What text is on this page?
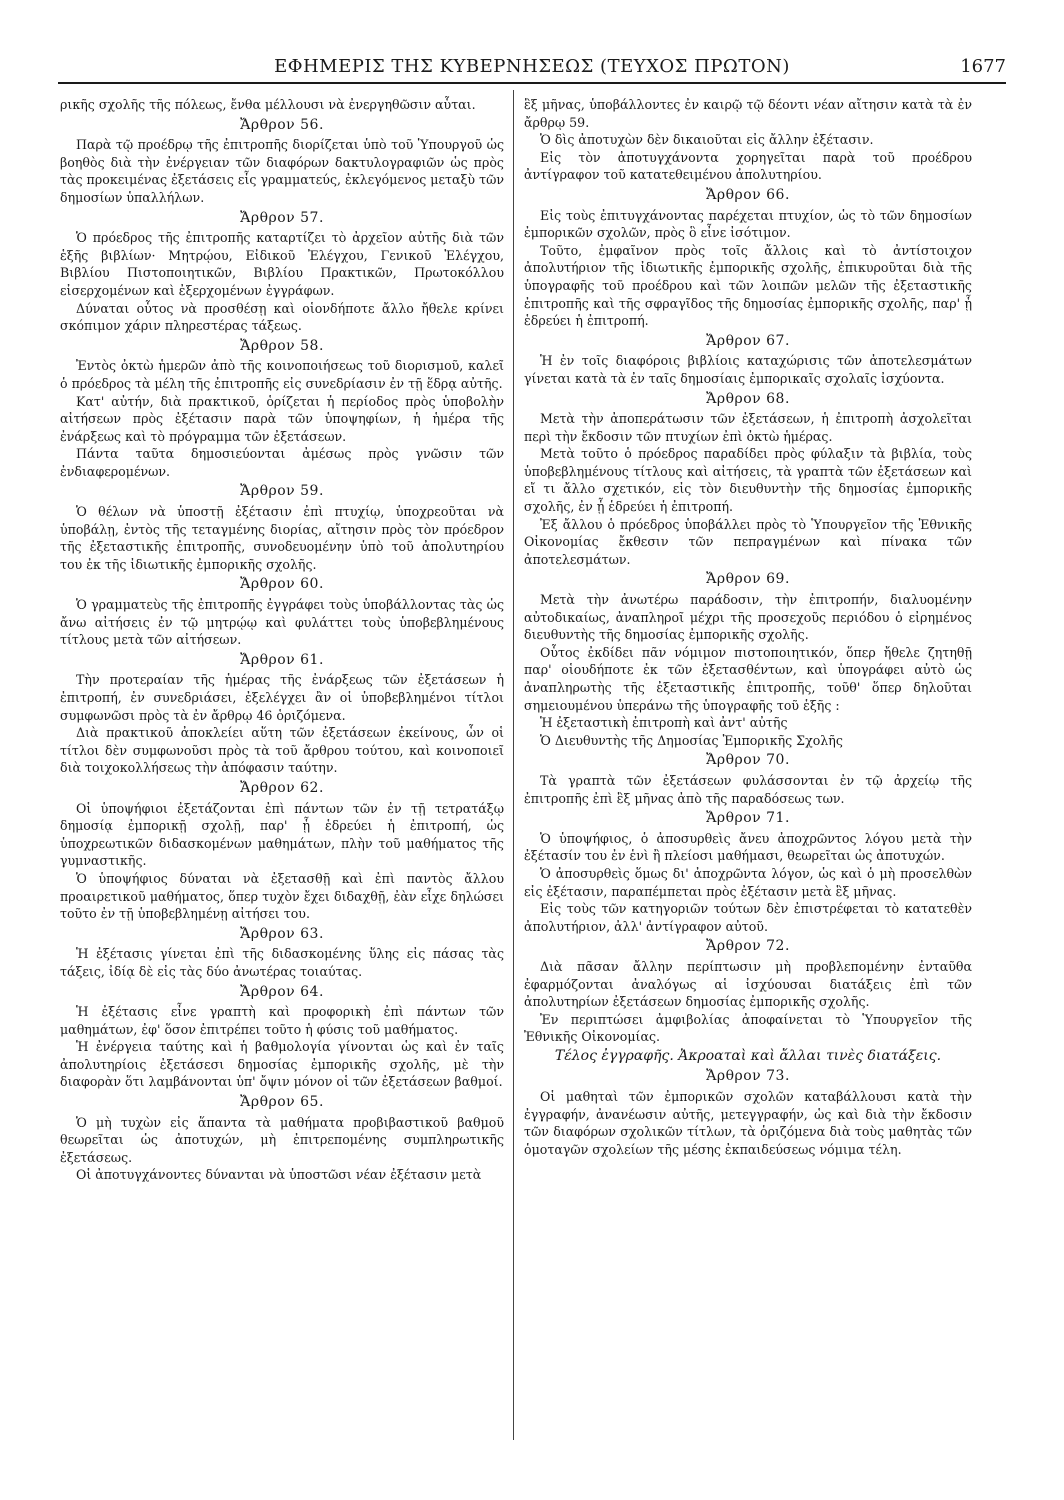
ΕΦΗΜΕΡΙΣ ΤΗΣ ΚΥΒΕΡΝΗΣΕΩΣ (ΤΕΥΧΟΣ ΠΡΩΤΟΝ)	1677

ρικῆς σχολῆς τῆς πόλεως, ἔνθα μέλλουσι νὰ ἐνεργηθῶσιν αὗται.

Ἄρθρον 56.

Παρὰ τῷ προέδρῳ τῆς ἐπιτροπῆς διορίζεται ὑπὸ τοῦ Ὑπουργοῦ ὡς βοηθὸς διὰ τὴν ἐνέργειαν τῶν διαφόρων δακτυλογραφιῶν ὡς πρὸς τὰς προκειμένας ἐξετάσεις εἷς γραμματεύς, ἐκλεγόμενος μεταξὺ τῶν δημοσίων ὑπαλλήλων.

Ἄρθρον 57.

Ὁ πρόεδρος τῆς ἐπιτροπῆς καταρτίζει τὸ ἀρχεῖον αὐτῆς διὰ τῶν ἑξῆς βιβλίων· Μητρῴου, Εἰδικοῦ Ἐλέγχου, Γενικοῦ Ἐλέγχου, Βιβλίου Πιστοποιητικῶν, Βιβλίου Πρακτικῶν, Πρωτοκόλλου εἰσερχομένων καὶ ἐξερχομένων ἐγγράφων.

Δύναται οὗτος νὰ προσθέσῃ καὶ οἱονδήποτε ἄλλο ἤθελε κρίνει σκόπιμον χάριν πληρεστέρας τάξεως.

Ἄρθρον 58.

Ἐντὸς ὀκτὼ ἡμερῶν ἀπὸ τῆς κοινοποιήσεως τοῦ διορισμοῦ, καλεῖ ὁ πρόεδρος τὰ μέλη τῆς ἐπιτροπῆς εἰς συνεδρίασιν ἐν τῇ ἕδρᾳ αὐτῆς.

Κατ' αὐτήν, διὰ πρακτικοῦ, ὁρίζεται ἡ περίοδος πρὸς ὑποβολὴν αἰτήσεων πρὸς ἐξέτασιν παρὰ τῶν ὑποψηφίων, ἡ ἡμέρα τῆς ἐνάρξεως καὶ τὸ πρόγραμμα τῶν ἐξετάσεων.

Πάντα ταῦτα δημοσιεύονται ἀμέσως πρὸς γνῶσιν τῶν ἐνδιαφερομένων.

Ἄρθρον 59.

Ὁ θέλων νὰ ὑποστῇ ἐξέτασιν ἐπὶ πτυχίῳ, ὑποχρεοῦται νὰ ὑποβάλῃ, ἐντὸς τῆς τεταγμένης διορίας, αἴτησιν πρὸς τὸν πρόεδρον τῆς ἐξεταστικῆς ἐπιτροπῆς, συνοδευομένην ὑπὸ τοῦ ἀπολυτηρίου του ἐκ τῆς ἰδιωτικῆς ἐμπορικῆς σχολῆς.

Ἄρθρον 60.

Ὁ γραμματεὺς τῆς ἐπιτροπῆς ἐγγράφει τοὺς ὑποβάλλοντας τὰς ὡς ἄνω αἰτήσεις ἐν τῷ μητρῴῳ καὶ φυλάττει τοὺς ὑποβεβλημένους τίτλους μετὰ τῶν αἰτήσεων.

Ἄρθρον 61.

Τὴν προτεραίαν τῆς ἡμέρας τῆς ἐνάρξεως τῶν ἐξετάσεων ἡ ἐπιτροπή, ἐν συνεδριάσει, ἐξελέγχει ἂν οἱ ὑποβεβλημένοι τίτλοι συμφωνῶσι πρὸς τὰ ἐν ἄρθρῳ 46 ὁριζόμενα.

Διὰ πρακτικοῦ ἀποκλείει αὕτη τῶν ἐξετάσεων ἐκείνους, ὧν οἱ τίτλοι δὲν συμφωνοῦσι πρὸς τὰ τοῦ ἄρθρου τούτου, καὶ κοινοποιεῖ διὰ τοιχοκολλήσεως τὴν ἀπόφασιν ταύτην.

Ἄρθρον 62.

Οἱ ὑποψήφιοι ἐξετάζονται ἐπὶ πάντων τῶν ἐν τῇ τετρατάξῳ δημοσίᾳ ἐμπορικῇ σχολῇ, παρ' ᾗ ἑδρεύει ἡ ἐπιτροπή, ὡς ὑποχρεωτικῶν διδασκομένων μαθημάτων, πλὴν τοῦ μαθήματος τῆς γυμναστικῆς.

Ὁ ὑποψήφιος δύναται νὰ ἐξετασθῇ καὶ ἐπὶ παντὸς ἄλλου προαιρετικοῦ μαθήματος, ὅπερ τυχὸν ἔχει διδαχθῇ, ἐὰν εἶχε δηλώσει τοῦτο ἐν τῇ ὑποβεβλημένῃ αἰτήσει του.

Ἄρθρον 63.

Ἡ ἐξέτασις γίνεται ἐπὶ τῆς διδασκομένης ὕλης εἰς πάσας τὰς τάξεις, ἰδίᾳ δὲ εἰς τὰς δύο ἀνωτέρας τοιαύτας.

Ἄρθρον 64.

Ἡ ἐξέτασις εἶνε γραπτὴ καὶ προφορικὴ ἐπὶ πάντων τῶν μαθημάτων, ἐφ' ὅσον ἐπιτρέπει τοῦτο ἡ φύσις τοῦ μαθήματος.

Ἡ ἐνέργεια ταύτης καὶ ἡ βαθμολογία γίνονται ὡς καὶ ἐν ταῖς ἀπολυτηρίοις ἐξετάσεσι δημοσίας ἐμπορικῆς σχολῆς, μὲ τὴν διαφορὰν ὅτι λαμβάνονται ὑπ' ὄψιν μόνον οἱ τῶν ἐξετάσεων βαθμοί.

Ἄρθρον 65.

Ὁ μὴ τυχὼν εἰς ἅπαντα τὰ μαθήματα προβιβαστικοῦ βαθμοῦ θεωρεῖται ὡς ἀποτυχών, μὴ ἐπιτρεπομένης συμπληρωτικῆς ἐξετάσεως.

Οἱ ἀποτυγχάνοντες δύνανται νὰ ὑποστῶσι νέαν ἐξέτασιν μετὰ

ἓξ μῆνας, ὑποβάλλοντες ἐν καιρῷ τῷ δέοντι νέαν αἴτησιν κατὰ τὰ ἐν ἄρθρῳ 59.

Ὁ δὶς ἀποτυχὼν δὲν δικαιοῦται εἰς ἄλλην ἐξέτασιν.

Εἰς τὸν ἀποτυγχάνοντα χορηγεῖται παρὰ τοῦ προέδρου ἀντίγραφον τοῦ κατατεθειμένου ἀπολυτηρίου.

Ἄρθρον 66.

Εἰς τοὺς ἐπιτυγχάνοντας παρέχεται πτυχίον, ὡς τὸ τῶν δημοσίων ἐμπορικῶν σχολῶν, πρὸς ὃ εἶνε ἰσότιμον.

Τοῦτο, ἐμφαῖνον πρὸς τοῖς ἄλλοις καὶ τὸ ἀντίστοιχον ἀπολυτήριον τῆς ἰδιωτικῆς ἐμπορικῆς σχολῆς, ἐπικυροῦται διὰ τῆς ὑπογραφῆς τοῦ προέδρου καὶ τῶν λοιπῶν μελῶν τῆς ἐξεταστικῆς ἐπιτροπῆς καὶ τῆς σφραγῖδος τῆς δημοσίας ἐμπορικῆς σχολῆς, παρ' ᾗ ἑδρεύει ἡ ἐπιτροπή.

Ἄρθρον 67.

Ἡ ἐν τοῖς διαφόροις βιβλίοις καταχώρισις τῶν ἀποτελεσμάτων γίνεται κατὰ τὰ ἐν ταῖς δημοσίαις ἐμπορικαῖς σχολαῖς ἰσχύοντα.

Ἄρθρον 68.

Μετὰ τὴν ἀποπεράτωσιν τῶν ἐξετάσεων, ἡ ἐπιτροπὴ ἀσχολεῖται περὶ τὴν ἔκδοσιν τῶν πτυχίων ἐπὶ ὀκτὼ ἡμέρας.

Μετὰ τοῦτο ὁ πρόεδρος παραδίδει πρὸς φύλαξιν τὰ βιβλία, τοὺς ὑποβεβλημένους τίτλους καὶ αἰτήσεις, τὰ γραπτὰ τῶν ἐξετάσεων καὶ εἴ τι ἄλλο σχετικόν, εἰς τὸν διευθυντὴν τῆς δημοσίας ἐμπορικῆς σχολῆς, ἐν ᾗ ἑδρεύει ἡ ἐπιτροπή.

Ἐξ ἄλλου ὁ πρόεδρος ὑποβάλλει πρὸς τὸ Ὑπουργεῖον τῆς Ἐθνικῆς Οἰκονομίας ἔκθεσιν τῶν πεπραγμένων καὶ πίνακα τῶν ἀποτελεσμάτων.

Ἄρθρον 69.

Μετὰ τὴν ἀνωτέρω παράδοσιν, τὴν ἐπιτροπήν, διαλυομένην αὐτοδικαίως, ἀναπληροῖ μέχρι τῆς προσεχοῦς περιόδου ὁ εἰρημένος διευθυντὴς τῆς δημοσίας ἐμπορικῆς σχολῆς.

Οὗτος ἐκδίδει πᾶν νόμιμον πιστοποιητικόν, ὅπερ ἤθελε ζητηθῇ παρ' οἱουδήποτε ἐκ τῶν ἐξετασθέντων, καὶ ὑπογράφει αὐτὸ ὡς ἀναπληρωτὴς τῆς ἐξεταστικῆς ἐπιτροπῆς, τοῦθ' ὅπερ δηλοῦται σημειουμένου ὑπεράνω τῆς ὑπογραφῆς τοῦ ἑξῆς :

Ἡ ἐξεταστικὴ ἐπιτροπὴ καὶ ἀντ' αὐτῆς

Ὁ Διευθυντὴς τῆς Δημοσίας Ἐμπορικῆς Σχολῆς

Ἄρθρον 70.

Τὰ γραπτὰ τῶν ἐξετάσεων φυλάσσονται ἐν τῷ ἀρχείῳ τῆς ἐπιτροπῆς ἐπὶ ἓξ μῆνας ἀπὸ τῆς παραδόσεως των.

Ἄρθρον 71.

Ὁ ὑποψήφιος, ὁ ἀποσυρθεὶς ἄνευ ἀποχρῶντος λόγου μετὰ τὴν ἐξέτασίν του ἐν ἑνὶ ἢ πλείοσι μαθήμασι, θεωρεῖται ὡς ἀποτυχών.

Ὁ ἀποσυρθεὶς ὅμως δι' ἀποχρῶντα λόγον, ὡς καὶ ὁ μὴ προσελθὼν εἰς ἐξέτασιν, παραπέμπεται πρὸς ἐξέτασιν μετὰ ἓξ μῆνας.

Εἰς τοὺς τῶν κατηγοριῶν τούτων δὲν ἐπιστρέφεται τὸ κατατεθὲν ἀπολυτήριον, ἀλλ' ἀντίγραφον αὐτοῦ.

Ἄρθρον 72.

Διὰ πᾶσαν ἄλλην περίπτωσιν μὴ προβλεπομένην ἐνταῦθα ἐφαρμόζονται ἀναλόγως αἱ ἰσχύουσαι διατάξεις ἐπὶ τῶν ἀπολυτηρίων ἐξετάσεων δημοσίας ἐμπορικῆς σχολῆς.

Ἐν περιπτώσει ἀμφιβολίας ἀποφαίνεται τὸ Ὑπουργεῖον τῆς Ἐθνικῆς Οἰκονομίας.

Τέλος ἐγγραφῆς. Ἀκροαταὶ καὶ ἄλλαι τινὲς διατάξεις.
Ἄρθρον 73.

Οἱ μαθηταὶ τῶν ἐμπορικῶν σχολῶν καταβάλλουσι κατὰ τὴν ἐγγραφήν, ἀνανέωσιν αὐτῆς, μετεγγραφήν, ὡς καὶ διὰ τὴν ἔκδοσιν τῶν διαφόρων σχολικῶν τίτλων, τὰ ὁριζόμενα διὰ τοὺς μαθητὰς τῶν ὁμοταγῶν σχολείων τῆς μέσης ἐκπαιδεύσεως νόμιμα τέλη.
